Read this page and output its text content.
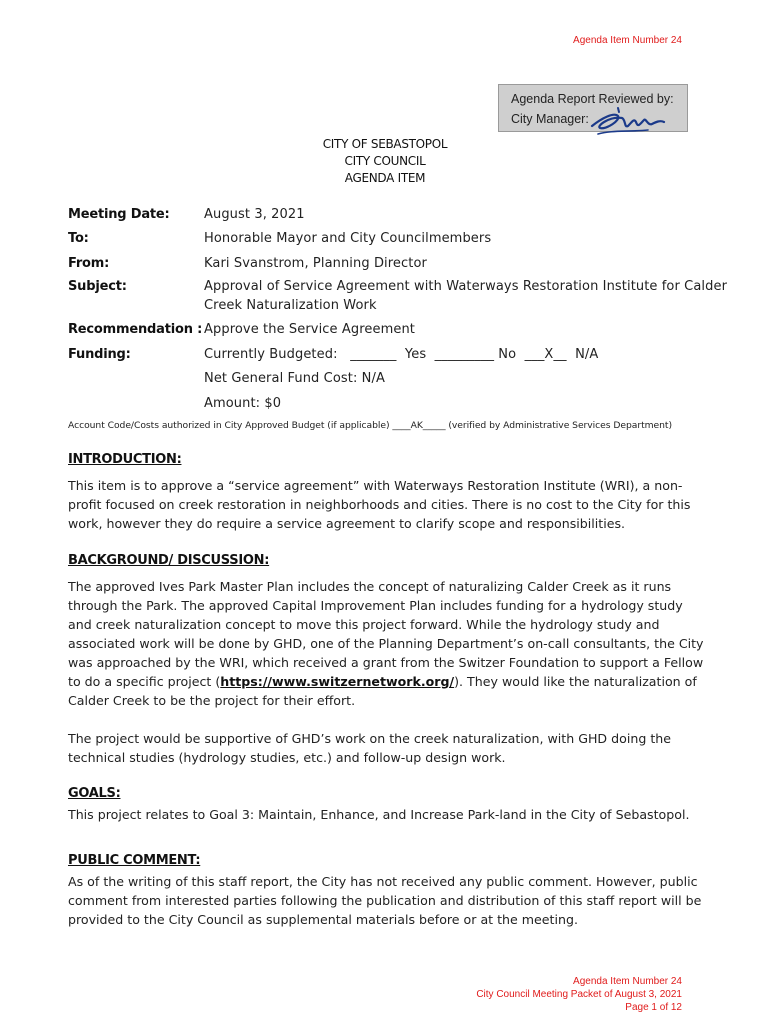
Agenda Item Number 24
Agenda Report Reviewed by:
City Manager:
CITY OF SEBASTOPOL
CITY COUNCIL
AGENDA ITEM
Meeting Date:	August 3, 2021
To:	Honorable Mayor and City Councilmembers
From:	Kari Svanstrom, Planning Director
Subject:	Approval of Service Agreement with Waterways Restoration Institute for Calder
Creek Naturalization Work
Recommendation : Approve the Service Agreement
Funding:	Currently Budgeted:   _______  Yes  _________ No  ___X__  N/A
Net General Fund Cost: N/A
Amount: $0
Account Code/Costs authorized in City Approved Budget (if applicable) ____AK_____ (verified by Administrative Services Department)
INTRODUCTION:
This item is to approve a “service agreement” with Waterways Restoration Institute (WRI), a non-profit focused on creek restoration in neighborhoods and cities. There is no cost to the City for this work, however they do require a service agreement to clarify scope and responsibilities.
BACKGROUND/ DISCUSSION:
The approved Ives Park Master Plan includes the concept of naturalizing Calder Creek as it runs through the Park. The approved Capital Improvement Plan includes funding for a hydrology study and creek naturalization concept to move this project forward. While the hydrology study and associated work will be done by GHD, one of the Planning Department’s on-call consultants, the City was approached by the WRI, which received a grant from the Switzer Foundation to support a Fellow to do a specific project (https://www.switzernetwork.org/). They would like the naturalization of Calder Creek to be the project for their effort.
The project would be supportive of GHD’s work on the creek naturalization, with GHD doing the technical studies (hydrology studies, etc.) and follow-up design work.
GOALS:
This project relates to Goal 3: Maintain, Enhance, and Increase Park-land in the City of Sebastopol.
PUBLIC COMMENT:
As of the writing of this staff report, the City has not received any public comment. However, public comment from interested parties following the publication and distribution of this staff report will be provided to the City Council as supplemental materials before or at the meeting.
Agenda Item Number 24
City Council Meeting Packet of August 3, 2021
Page 1 of 12
